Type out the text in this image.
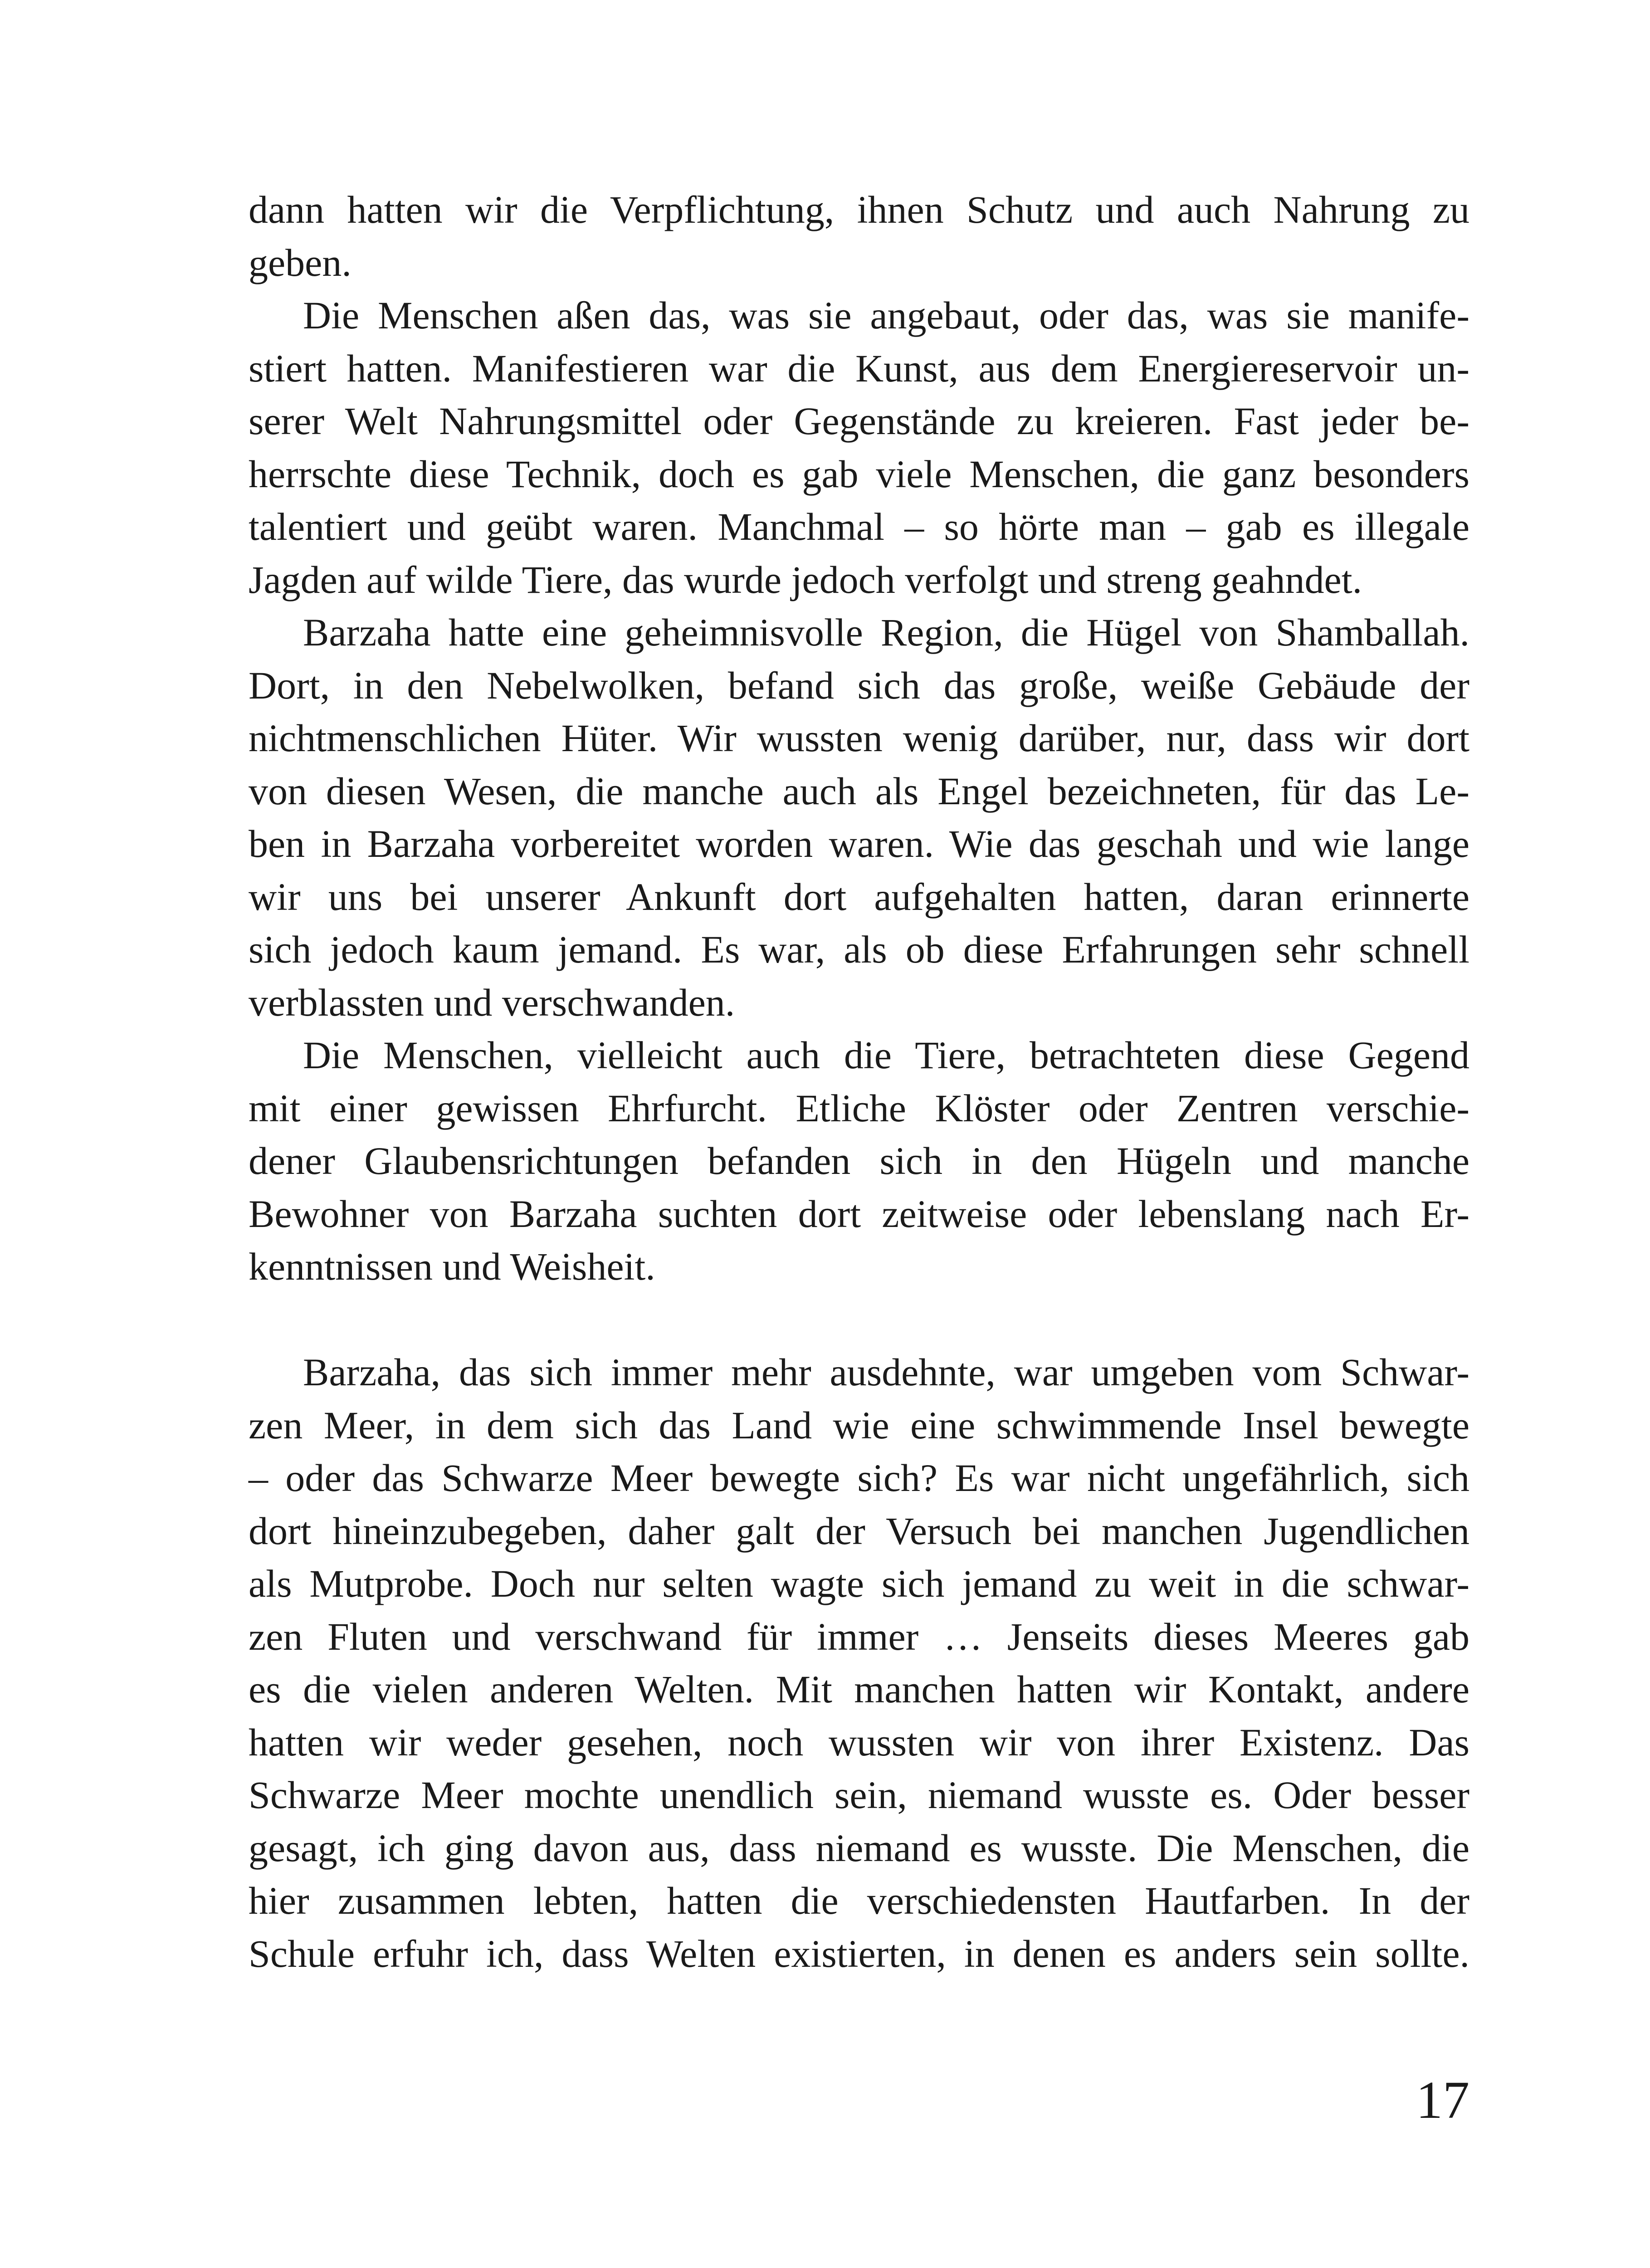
dann hatten wir die Verpflichtung, ihnen Schutz und auch Nahrung zu
geben.
Die Menschen aßen das, was sie angebaut, oder das, was sie manife-
stiert hatten. Manifestieren war die Kunst, aus dem Energiereservoir un-
serer Welt Nahrungsmittel oder Gegenstände zu kreieren. Fast jeder be-
herrschte diese Technik, doch es gab viele Menschen, die ganz besonders
talentiert und geübt waren. Manchmal – so hörte man – gab es illegale
Jagden auf wilde Tiere, das wurde jedoch verfolgt und streng geahndet.
Barzaha hatte eine geheimnisvolle Region, die Hügel von Shamballah.
Dort, in den Nebelwolken, befand sich das große, weiße Gebäude der
nichtmenschlichen Hüter. Wir wussten wenig darüber, nur, dass wir dort
von diesen Wesen, die manche auch als Engel bezeichneten, für das Le-
ben in Barzaha vorbereitet worden waren. Wie das geschah und wie lange
wir uns bei unserer Ankunft dort aufgehalten hatten, daran erinnerte
sich jedoch kaum jemand. Es war, als ob diese Erfahrungen sehr schnell
verblassten und verschwanden.
Die Menschen, vielleicht auch die Tiere, betrachteten diese Gegend
mit einer gewissen Ehrfurcht. Etliche Klöster oder Zentren verschie-
dener Glaubensrichtungen befanden sich in den Hügeln und manche
Bewohner von Barzaha suchten dort zeitweise oder lebenslang nach Er-
kenntnissen und Weisheit.
Barzaha, das sich immer mehr ausdehnte, war umgeben vom Schwar-
zen Meer, in dem sich das Land wie eine schwimmende Insel bewegte
– oder das Schwarze Meer bewegte sich? Es war nicht ungefährlich, sich
dort hineinzubegeben, daher galt der Versuch bei manchen Jugendlichen
als Mutprobe. Doch nur selten wagte sich jemand zu weit in die schwar-
zen Fluten und verschwand für immer … Jenseits dieses Meeres gab
es die vielen anderen Welten. Mit manchen hatten wir Kontakt, andere
hatten wir weder gesehen, noch wussten wir von ihrer Existenz. Das
Schwarze Meer mochte unendlich sein, niemand wusste es. Oder besser
gesagt, ich ging davon aus, dass niemand es wusste. Die Menschen, die
hier zusammen lebten, hatten die verschiedensten Hautfarben. In der
Schule erfuhr ich, dass Welten existierten, in denen es anders sein sollte.
17
